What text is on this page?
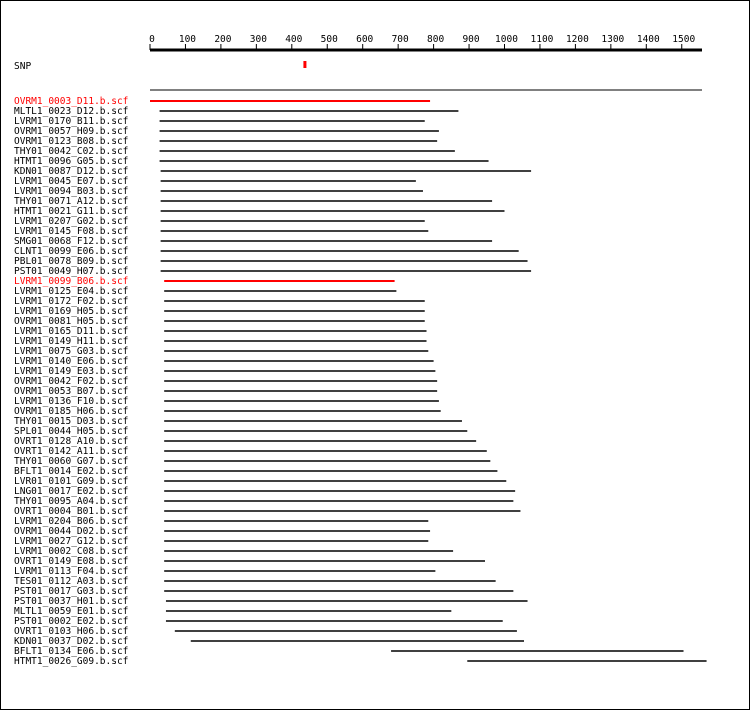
0	100 200 300 400 500 600 700 800 900 1000 1100 1200 1300 1400 1500
SNP
OVRM1_0003_D11.b.scf
MLTL1_0023_D12.b.scf
LVRM1_0170_B11.b.scf
OVRM1_0057_H09.b.scf
OVRM1_0123_B08.b.scf
THY01_0042_C02.b.scf
HTMT1_0096_G05.b.scf
KDN01_0087_D12.b.scf
LVRM1_0045_E07.b.scf
LVRM1_0094_B03.b.scf
THY01_0071_A12.b.scf
HTMT1_0021_G11.b.scf
LVRM1_0207_G02.b.scf
LVRM1_0145_F08.b.scf
SMG01_0068_F12.b.scf
CLNT1_0099_E06.b.scf
PBL01_0078_B09.b.scf
PST01_0049_H07.b.scf
LVRM1_0099_B06.b.scf
LVRM1_0125_E04.b.scf
LVRM1_0172_F02.b.scf
LVRM1_0169_H05.b.scf
OVRM1_0081_H05.b.scf
LVRM1_0165_D11.b.scf
LVRM1_0149_H11.b.scf
LVRM1_0075_G03.b.scf
LVRM1_0140_E06.b.scf
LVRM1_0149_E03.b.scf
OVRM1_0042_F02.b.scf
OVRM1_0053_B07.b.scf
LVRM1_0136_F10.b.scf
OVRM1_0185_H06.b.scf
THY01_0015_D03.b.scf
SPL01_0044_H05.b.scf
OVRT1_0128_A10.b.scf
OVRT1_0142_A11.b.scf
THY01_0060_G07.b.scf
BFLT1_0014_E02.b.scf
LVR01_0101_G09.b.scf
LNG01_0017_E02.b.scf
THY01_0095_A04.b.scf
OVRT1_0004_B01.b.scf
LVRM1_0204_B06.b.scf
OVRM1_0044_D02.b.scf
LVRM1_0027_G12.b.scf
LVRM1_0002_C08.b.scf
OVRT1_0149_E08.b.scf
LVRM1_0113_F04.b.scf
TES01_0112_A03.b.scf
PST01_0017_G03.b.scf
PST01_0037_H01.b.scf
MLTL1_0059_E01.b.scf
PST01_0002_E02.b.scf
OVRT1_0103_H06.b.scf
KDN01_0037_D02.b.scf
BFLT1_0134_E06.b.scf
HTMT1_0026_G09.b.scf
